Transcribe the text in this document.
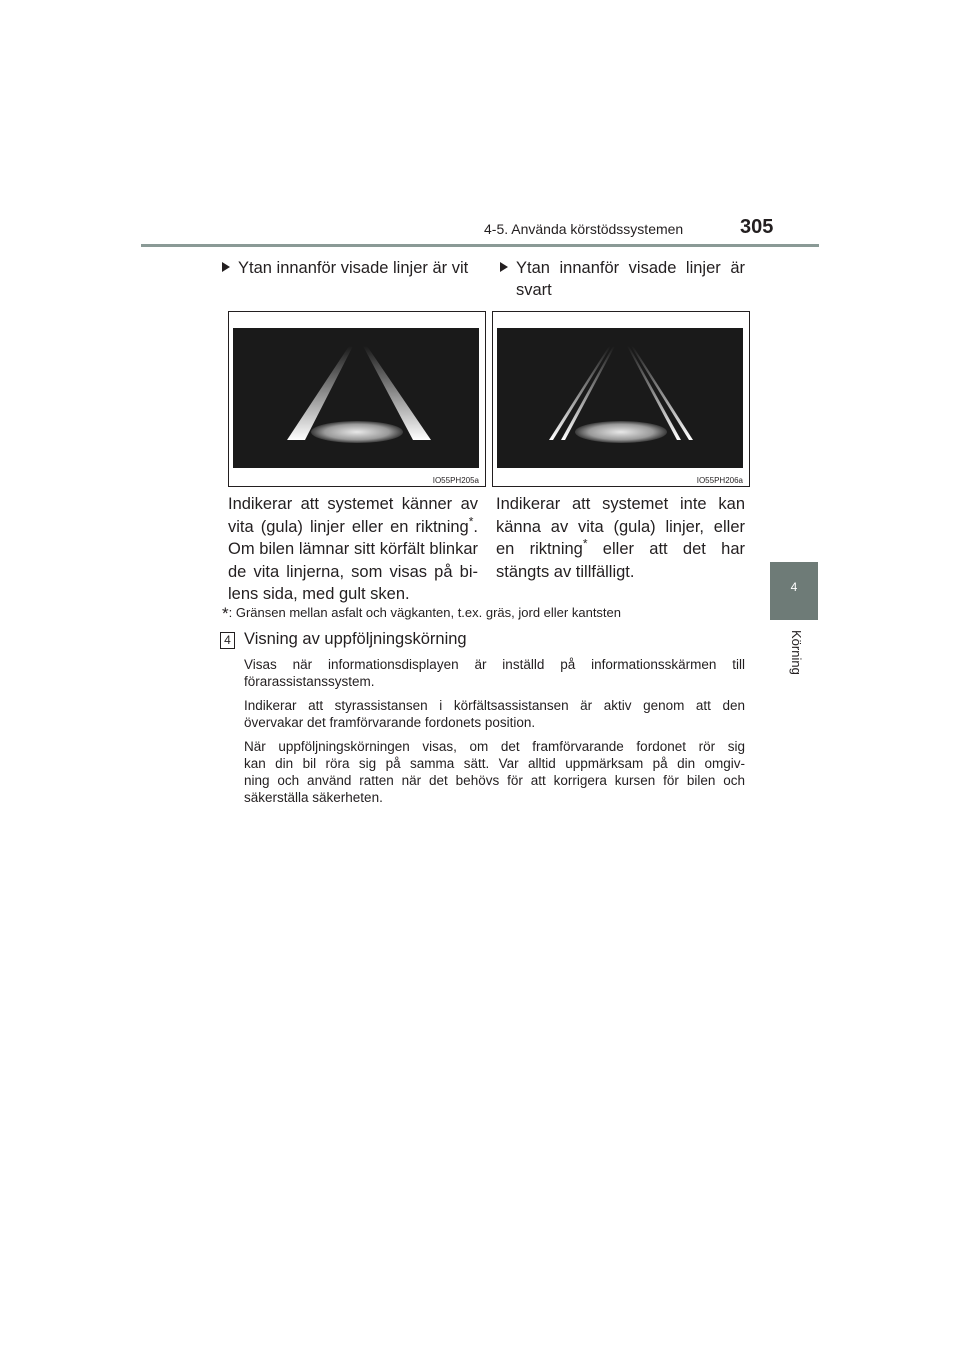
4-5. Använda körstödssystemen	305
4
Körning
Ytan innanför visade linjer är vit	Ytan innanför visade linjer är
svart
IO55PH205a	IO55PH206a
Indikerar att systemet känner av
vita (gula) linjer eller en riktning*.
Om bilen lämnar sitt körfält blinkar
de vita linjerna, som visas på bi-
lens sida, med gult sken.
Indikerar att systemet inte kan
känna av vita (gula) linjer, eller
en riktning* eller att det har
stängts av tillfälligt.
*: Gränsen mellan asfalt och vägkanten, t.ex. gräs, jord eller kantsten
4 Visning av uppföljningskörning
Visas när informationsdisplayen är inställd på informationsskärmen till
förarassistanssystem.
Indikerar att styrassistansen i körfältsassistansen är aktiv genom att den
övervakar det framförvarande fordonets position.
När uppföljningskörningen visas, om det framförvarande fordonet rör sig
kan din bil röra sig på samma sätt. Var alltid uppmärksam på din omgiv-
ning och använd ratten när det behövs för att korrigera kursen för bilen och
säkerställa säkerheten.
